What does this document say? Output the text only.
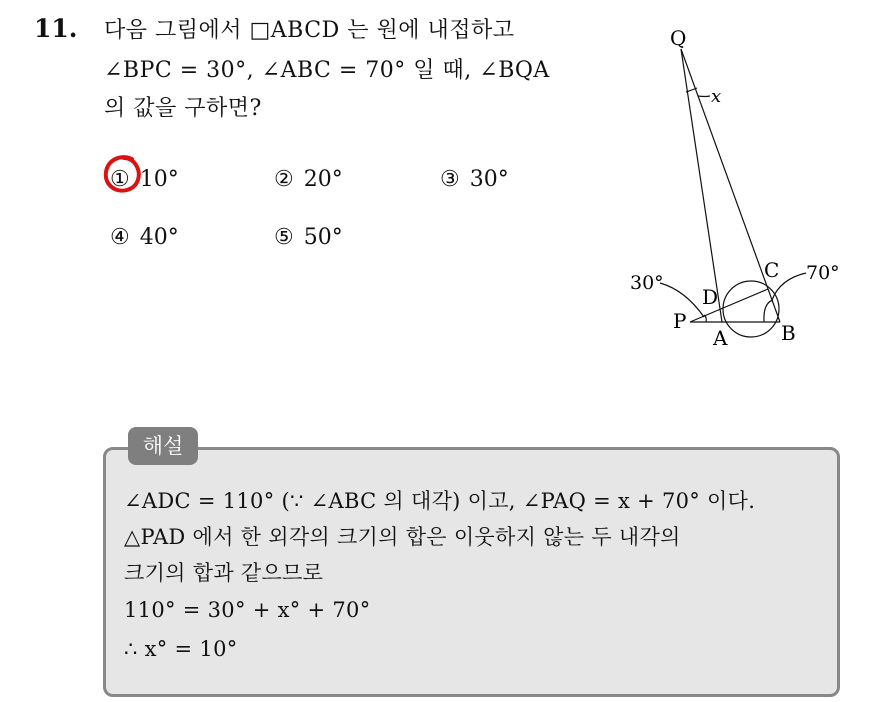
11. 다음 그림에서 □ABCD 는 원에 내접하고
∠BPC = 30°, ∠ABC = 70° 일 때, ∠BQA
의 값을 구하면?
① 10°	② 20°	③ 30°
④ 40°	⑤ 50°
Q
x
C
D
P
A	B
30°	70°
해설
∠ADC = 110° (∵ ∠ABC 의 대각) 이고, ∠PAQ = x + 70° 이다.
△PAD 에서 한 외각의 크기의 합은 이웃하지 않는 두 내각의
크기의 합과 같으므로
110° = 30° + x° + 70°
∴ x° = 10°
